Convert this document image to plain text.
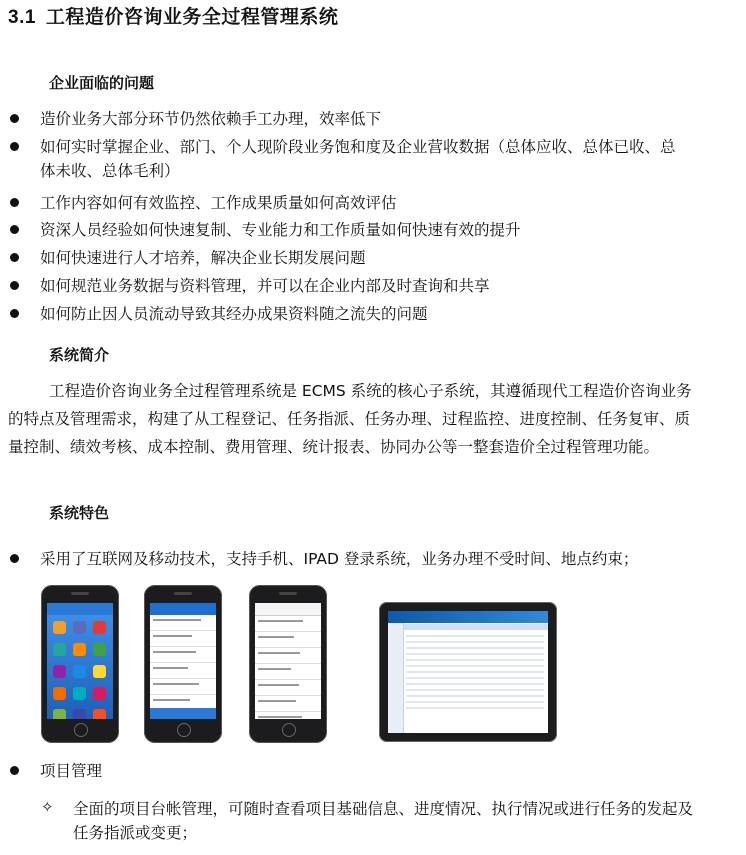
3.1 工程造价咨询业务全过程管理系统
企业面临的问题
造价业务大部分环节仍然依赖手工办理，效率低下
如何实时掌握企业、部门、个人现阶段业务饱和度及企业营收数据（总体应收、总体已收、总体未收、总体毛利）
工作内容如何有效监控、工作成果质量如何高效评估
资深人员经验如何快速复制、专业能力和工作质量如何快速有效的提升
如何快速进行人才培养，解决企业长期发展问题
如何规范业务数据与资料管理，并可以在企业内部及时查询和共享
如何防止因人员流动导致其经办成果资料随之流失的问题
系统简介
工程造价咨询业务全过程管理系统是 ECMS 系统的核心子系统，其遵循现代工程造价咨询业务的特点及管理需求，构建了从工程登记、任务指派、任务办理、过程监控、进度控制、任务复审、质量控制、绩效考核、成本控制、费用管理、统计报表、协同办公等一整套造价全过程管理功能。
系统特色
采用了互联网及移动技术，支持手机、IPAD 登录系统，业务办理不受时间、地点约束；
项目管理
✧ 全面的项目台帐管理，可随时查看项目基础信息、进度情况、执行情况或进行任务的发起及任务指派或变更；
